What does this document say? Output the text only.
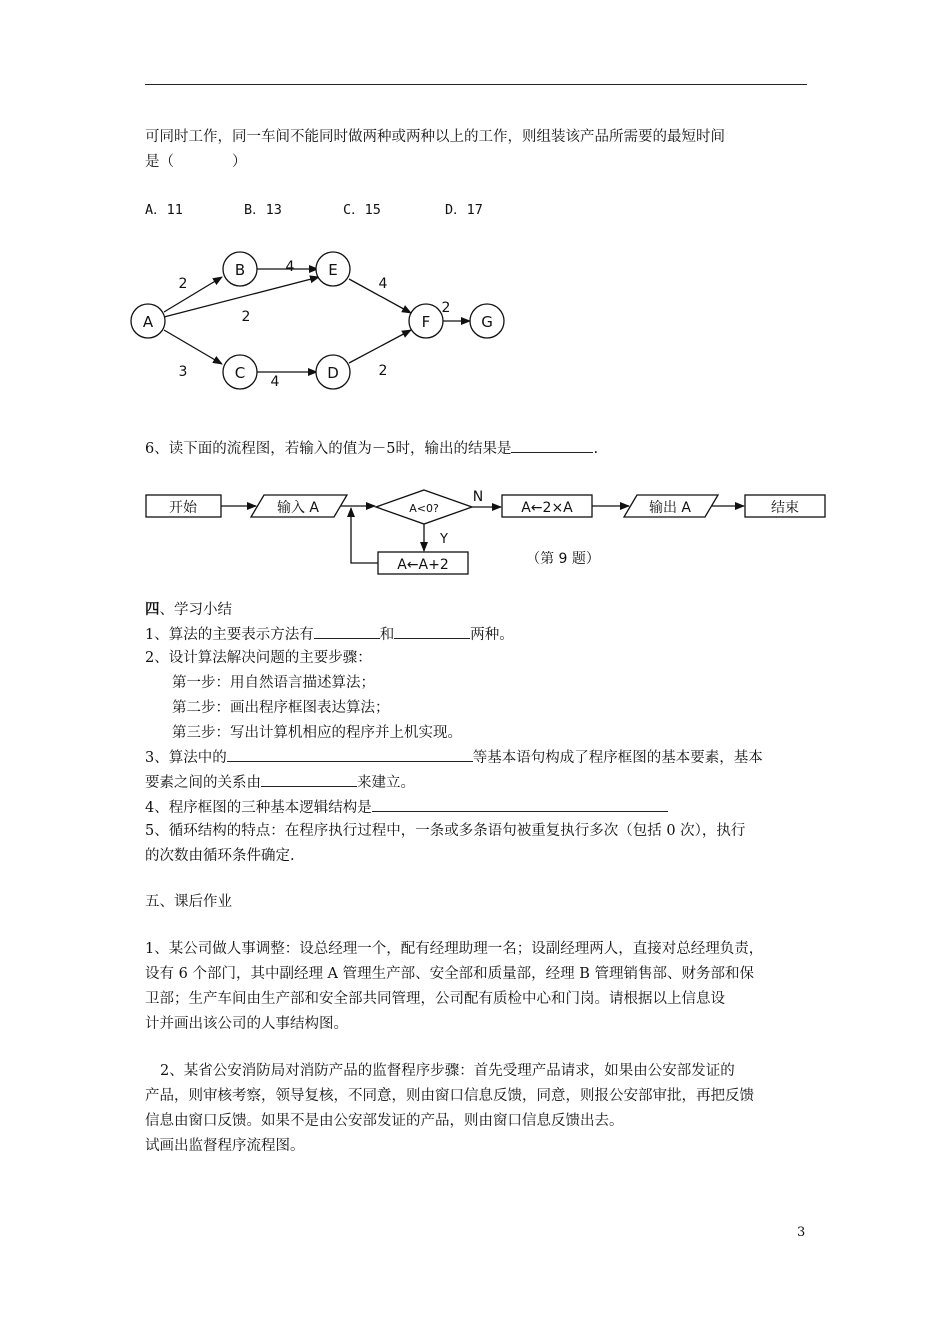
可同时工作，同一车间不能同时做两种或两种以上的工作，则组装该产品所需要的最短时间
是（　　　　）
A．11	B．13	C．15	D．17
A
B
C	D
E
F	G
2
4
2
3
4
4
2
2
6、读下面的流程图，若输入的值为－5时，输出的结果是	.
开始	输入 A	A<0?	A←2×A	输出 A	结束
A←A+2
N
Y
（第 9 题）
四、学习小结
1、算法的主要表示方法有	和	两种。
2、设计算法解决问题的主要步骤：
第一步：用自然语言描述算法；
第二步：画出程序框图表达算法；
第三步：写出计算机相应的程序并上机实现。
3、算法中的	等基本语句构成了程序框图的基本要素，基本
要素之间的关系由	来建立。
4、程序框图的三种基本逻辑结构是
5、循环结构的特点：在程序执行过程中，一条或多条语句被重复执行多次（包括 0 次），执行
的次数由循环条件确定.
五、课后作业
1、某公司做人事调整：设总经理一个，配有经理助理一名；设副经理两人，直接对总经理负责，
设有 6 个部门，其中副经理 A 管理生产部、安全部和质量部，经理 B 管理销售部、财务部和保
卫部；生产车间由生产部和安全部共同管理，公司配有质检中心和门岗。请根据以上信息设
计并画出该公司的人事结构图。
2、某省公安消防局对消防产品的监督程序步骤：首先受理产品请求，如果由公安部发证的
产品，则审核考察，领导复核，不同意，则由窗口信息反馈，同意，则报公安部审批，再把反馈
信息由窗口反馈。如果不是由公安部发证的产品，则由窗口信息反馈出去。
试画出监督程序流程图。
3
